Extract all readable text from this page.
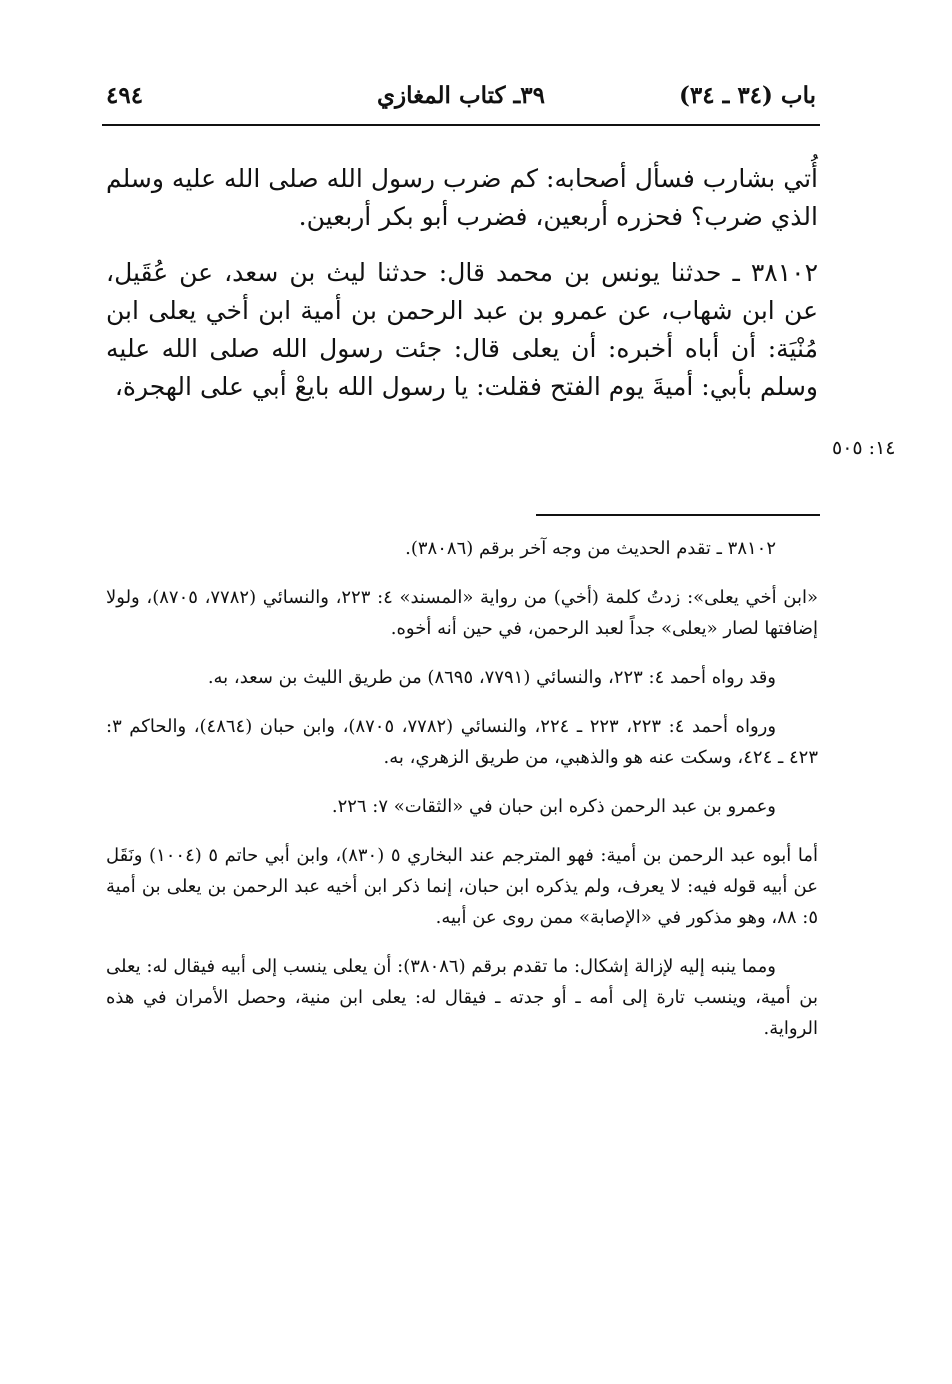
٤٩٤	٣٩ـ كتاب المغازي	باب (٣٤ ـ ٣٤)

أُتي بشارب فسأل أصحابه: كم ضرب رسول الله صلى الله عليه وسلم الذي ضرب؟ فحزره أربعين، فضرب أبو بكر أربعين.

٣٨١٠٢ ـ حدثنا يونس بن محمد قال: حدثنا ليث بن سعد، عن عُقَيل، عن ابن شهاب، عن عمرو بن عبد الرحمن بن أمية ابن أخي يعلى ابن مُنْيَة: أن أباه أخبره: أن يعلى قال: جئت رسول الله صلى الله عليه وسلم بأبي: أميةَ يوم الفتح فقلت: يا رسول الله بايعْ أبي على الهجرة،

١٤: ٥٠٥

٣٨١٠٢ ـ تقدم الحديث من وجه آخر برقم (٣٨٠٨٦).

«ابن أخي يعلى»: زدتُ كلمة (أخي) من رواية «المسند» ٤: ٢٢٣، والنسائي (٧٧٨٢، ٨٧٠٥)، ولولا إضافتها لصار «يعلى» جداً لعبد الرحمن، في حين أنه أخوه.

وقد رواه أحمد ٤: ٢٢٣، والنسائي (٧٧٩١، ٨٦٩٥) من طريق الليث بن سعد، به.

ورواه أحمد ٤: ٢٢٣، ٢٢٣ ـ ٢٢٤، والنسائي (٧٧٨٢، ٨٧٠٥)، وابن حبان (٤٨٦٤)، والحاكم ٣: ٤٢٣ ـ ٤٢٤، وسكت عنه هو والذهبي، من طريق الزهري، به.

وعمرو بن عبد الرحمن ذكره ابن حبان في «الثقات» ٧: ٢٢٦.

أما أبوه عبد الرحمن بن أمية: فهو المترجم عند البخاري ٥ (٨٣٠)، وابن أبي حاتم ٥ (١٠٠٤) ونَقَل عن أبيه قوله فيه: لا يعرف، ولم يذكره ابن حبان، إنما ذكر ابن أخيه عبد الرحمن بن يعلى بن أمية ٥: ٨٨، وهو مذكور في «الإصابة» ممن روى عن أبيه.

ومما ينبه إليه لإزالة إشكال: ما تقدم برقم (٣٨٠٨٦): أن يعلى ينسب إلى أبيه فيقال له: يعلى بن أمية، وينسب تارة إلى أمه ـ أو جدته ـ فيقال له: يعلى ابن منية، وحصل الأمران في هذه الرواية.
